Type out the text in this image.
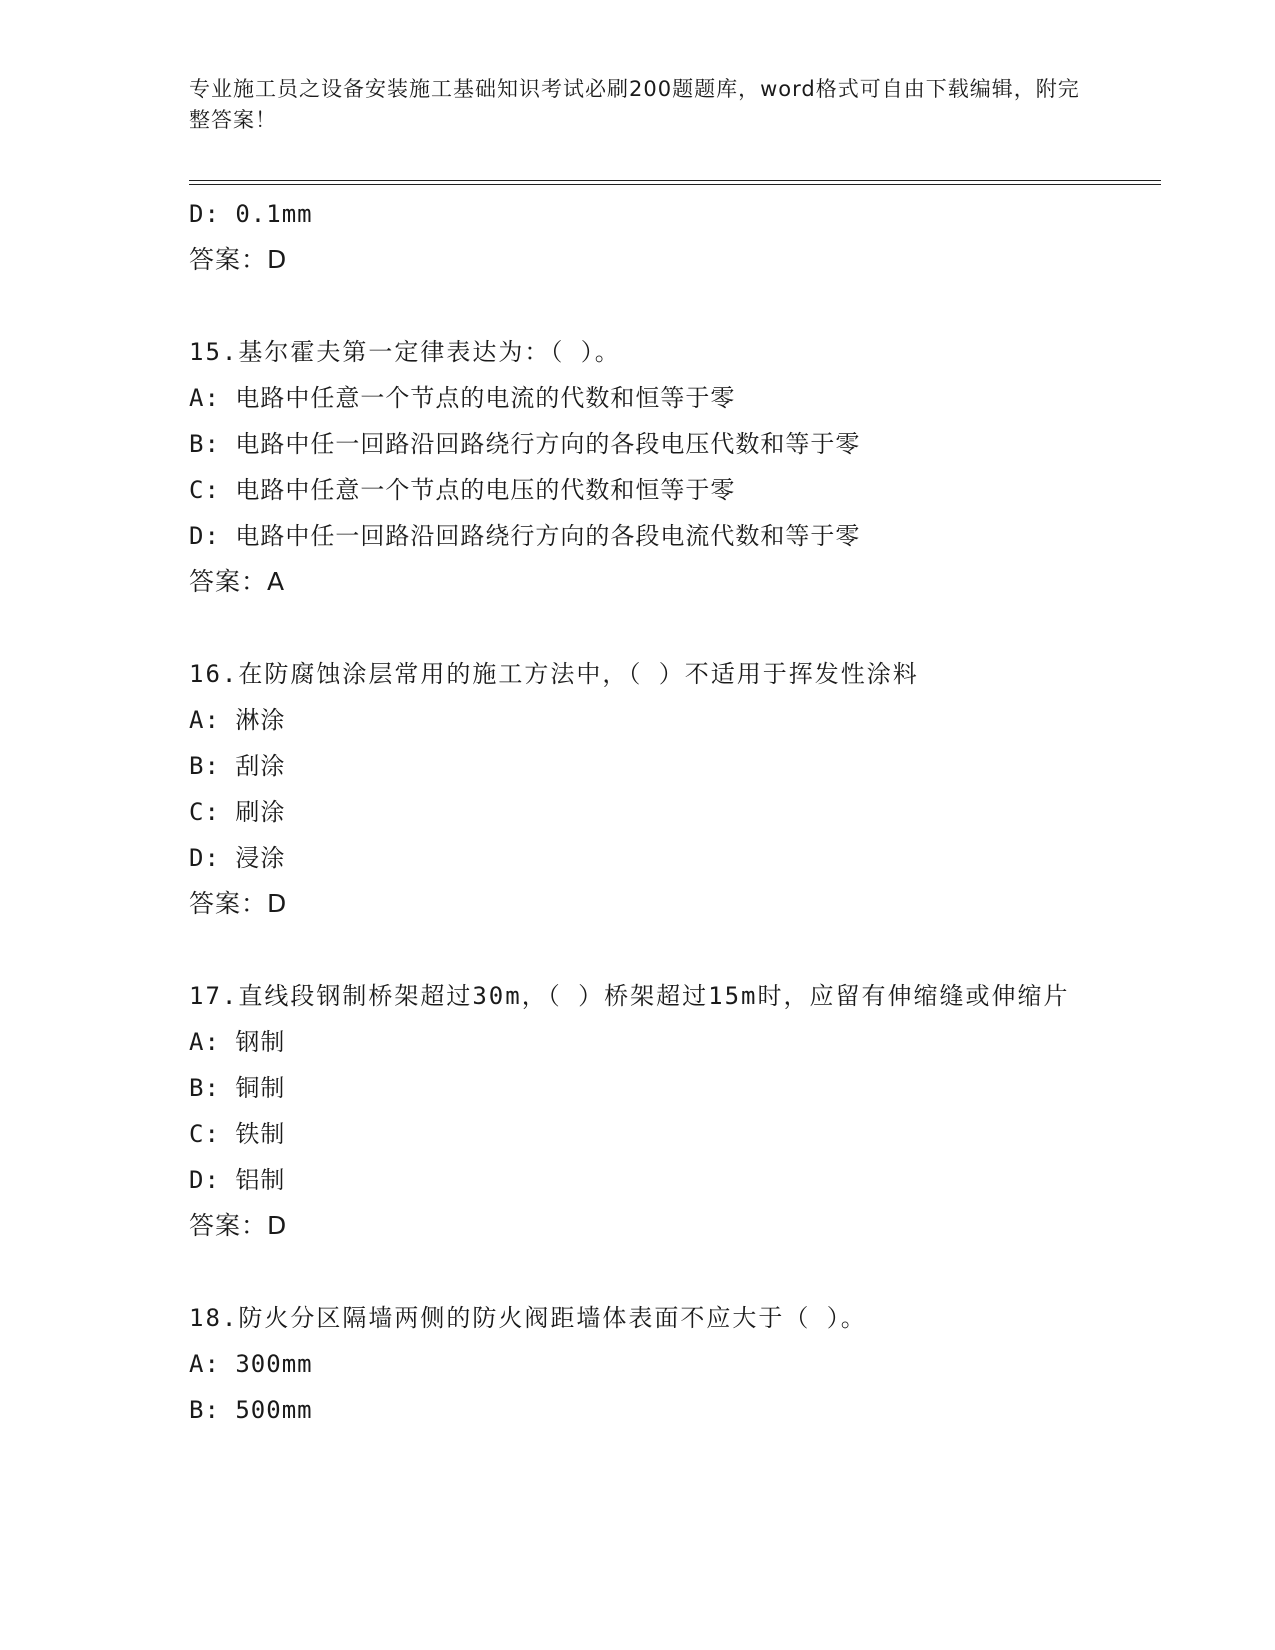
专业施工员之设备安装施工基础知识考试必刷200题题库，word格式可自由下载编辑，附完整答案！
D: 0.1mm
答案：D
15.基尔霍夫第一定律表达为：（ ）。
A: 电路中任意一个节点的电流的代数和恒等于零
B: 电路中任一回路沿回路绕行方向的各段电压代数和等于零
C: 电路中任意一个节点的电压的代数和恒等于零
D: 电路中任一回路沿回路绕行方向的各段电流代数和等于零
答案：A
16.在防腐蚀涂层常用的施工方法中，（ ）不适用于挥发性涂料
A: 淋涂
B: 刮涂
C: 刷涂
D: 浸涂
答案：D
17.直线段钢制桥架超过30m，（ ）桥架超过15m时，应留有伸缩缝或伸缩片
A: 钢制
B: 铜制
C: 铁制
D: 铝制
答案：D
18.防火分区隔墙两侧的防火阀距墙体表面不应大于（ ）。
A: 300mm
B: 500mm
